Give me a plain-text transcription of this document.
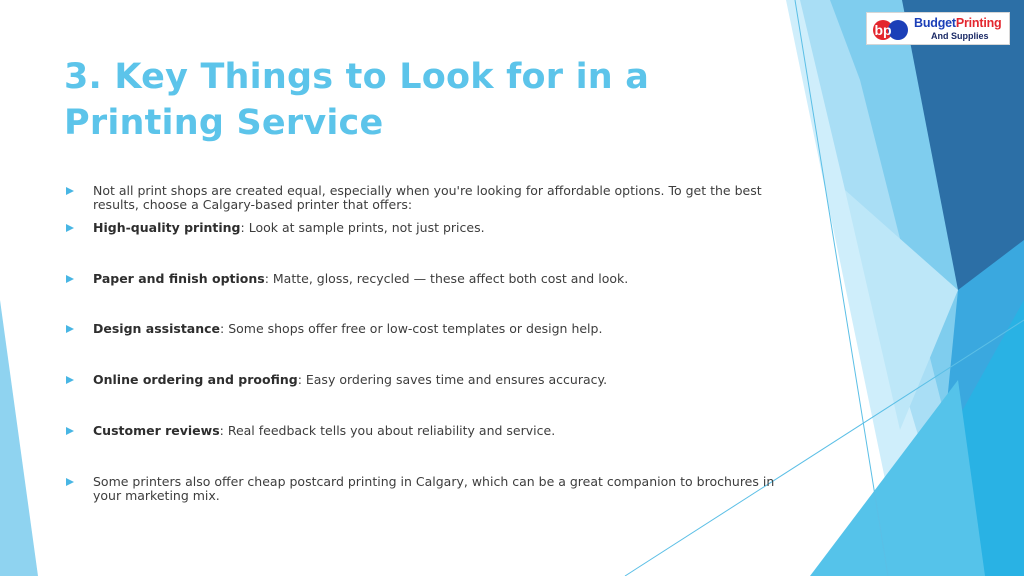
bp BudgetPrinting
And Supplies
3. Key Things to Look for in a Printing Service
Not all print shops are created equal, especially when you're looking for affordable options. To get the best results, choose a Calgary-based printer that offers:
High-quality printing: Look at sample prints, not just prices.
Paper and finish options: Matte, gloss, recycled — these affect both cost and look.
Design assistance: Some shops offer free or low-cost templates or design help.
Online ordering and proofing: Easy ordering saves time and ensures accuracy.
Customer reviews: Real feedback tells you about reliability and service.
Some printers also offer cheap postcard printing in Calgary, which can be a great companion to brochures in your marketing mix.
